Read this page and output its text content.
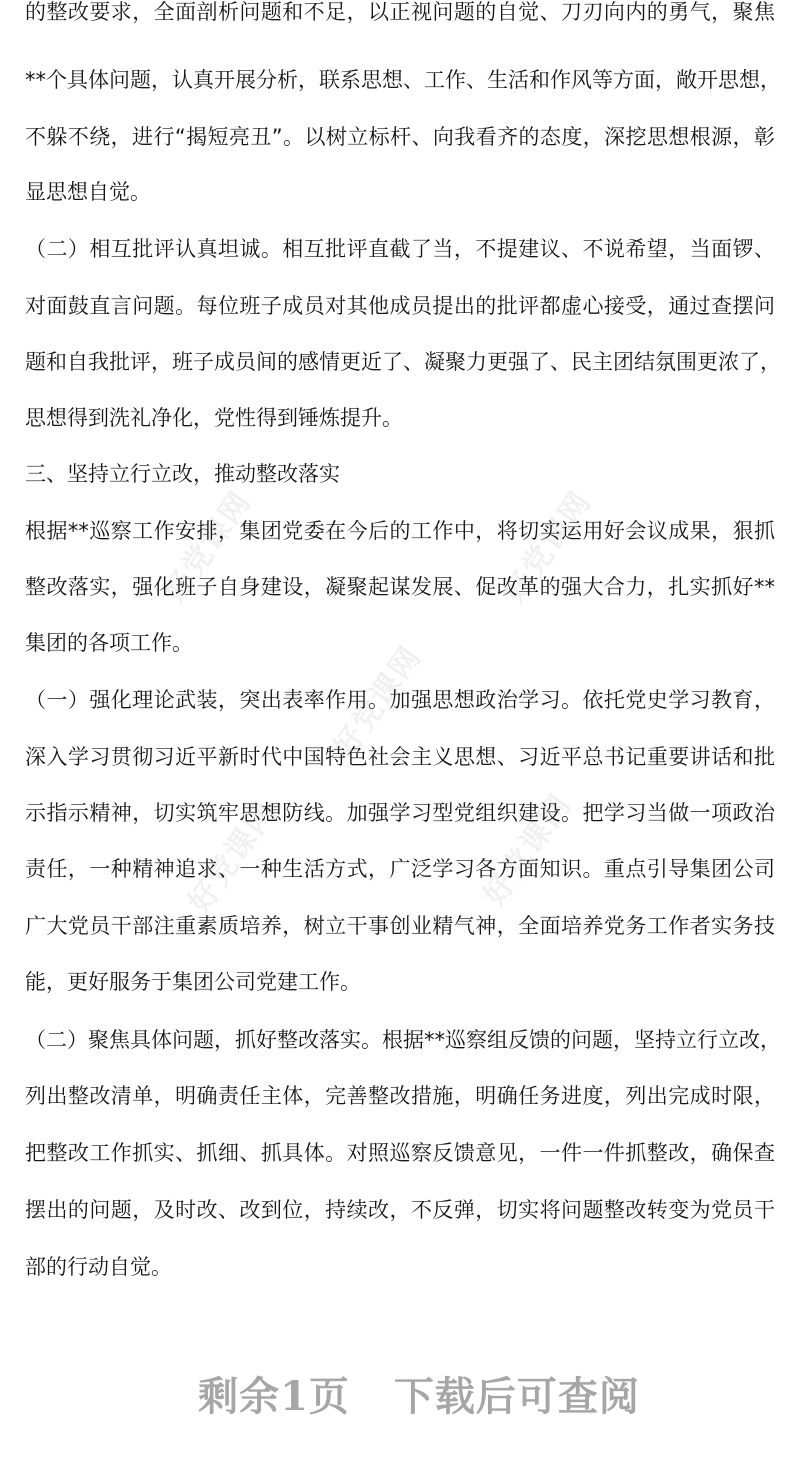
好党课网	好党课网
好党课网
好党课网	好党课网
的整改要求，全面剖析问题和不足，以正视问题的自觉、刀刃向内的勇气，聚焦
**个具体问题，认真开展分析，联系思想、工作、生活和作风等方面，敞开思想，
不躲不绕，进行“揭短亮丑”。以树立标杆、向我看齐的态度，深挖思想根源，彰
显思想自觉。
（二）相互批评认真坦诚。相互批评直截了当，不提建议、不说希望，当面锣、
对面鼓直言问题。每位班子成员对其他成员提出的批评都虚心接受，通过查摆问
题和自我批评，班子成员间的感情更近了、凝聚力更强了、民主团结氛围更浓了，
思想得到洗礼净化，党性得到锤炼提升。
三、坚持立行立改，推动整改落实
根据**巡察工作安排，集团党委在今后的工作中，将切实运用好会议成果，狠抓
整改落实，强化班子自身建设，凝聚起谋发展、促改革的强大合力，扎实抓好**
集团的各项工作。
（一）强化理论武装，突出表率作用。加强思想政治学习。依托党史学习教育，
深入学习贯彻习近平新时代中国特色社会主义思想、习近平总书记重要讲话和批
示指示精神，切实筑牢思想防线。加强学习型党组织建设。把学习当做一项政治
责任，一种精神追求、一种生活方式，广泛学习各方面知识。重点引导集团公司
广大党员干部注重素质培养，树立干事创业精气神，全面培养党务工作者实务技
能，更好服务于集团公司党建工作。
（二）聚焦具体问题，抓好整改落实。根据**巡察组反馈的问题，坚持立行立改，
列出整改清单，明确责任主体，完善整改措施，明确任务进度，列出完成时限，
把整改工作抓实、抓细、抓具体。对照巡察反馈意见，一件一件抓整改，确保查
摆出的问题，及时改、改到位，持续改，不反弹，切实将问题整改转变为党员干
部的行动自觉。
剩余1页 下载后可查阅
